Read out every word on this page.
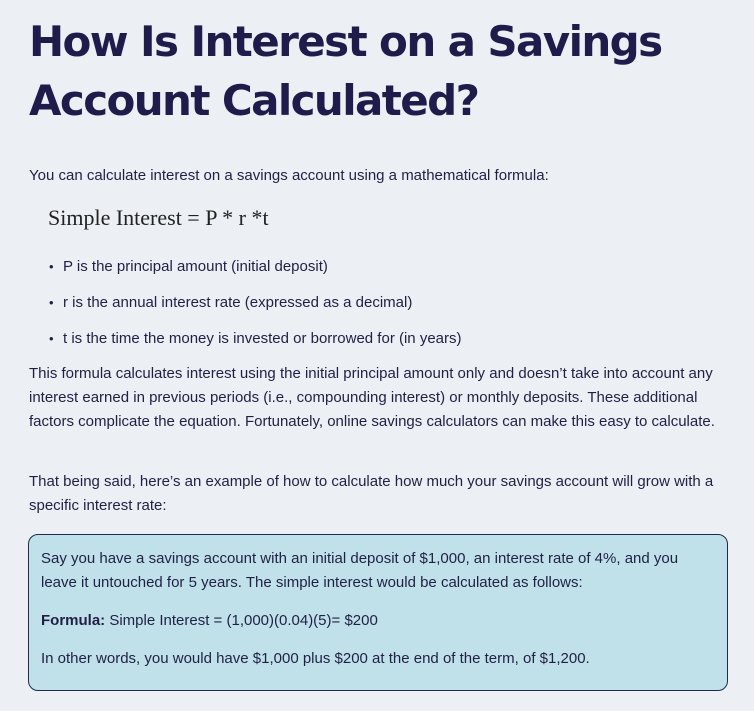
How Is Interest on a Savings
Account Calculated?

You can calculate interest on a savings account using a mathematical formula:

Simple Interest = P * r *t

• P is the principal amount (initial deposit)
• r is the annual interest rate (expressed as a decimal)
• t is the time the money is invested or borrowed for (in years)

This formula calculates interest using the initial principal amount only and doesn’t take into account any interest earned in previous periods (i.e., compounding interest) or monthly deposits. These additional factors complicate the equation. Fortunately, online savings calculators can make this easy to calculate.

That being said, here’s an example of how to calculate how much your savings account will grow with a specific interest rate:

Say you have a savings account with an initial deposit of $1,000, an interest rate of 4%, and you leave it untouched for 5 years. The simple interest would be calculated as follows:

Formula: Simple Interest = (1,000)(0.04)(5)= $200

In other words, you would have $1,000 plus $200 at the end of the term, of $1,200.
